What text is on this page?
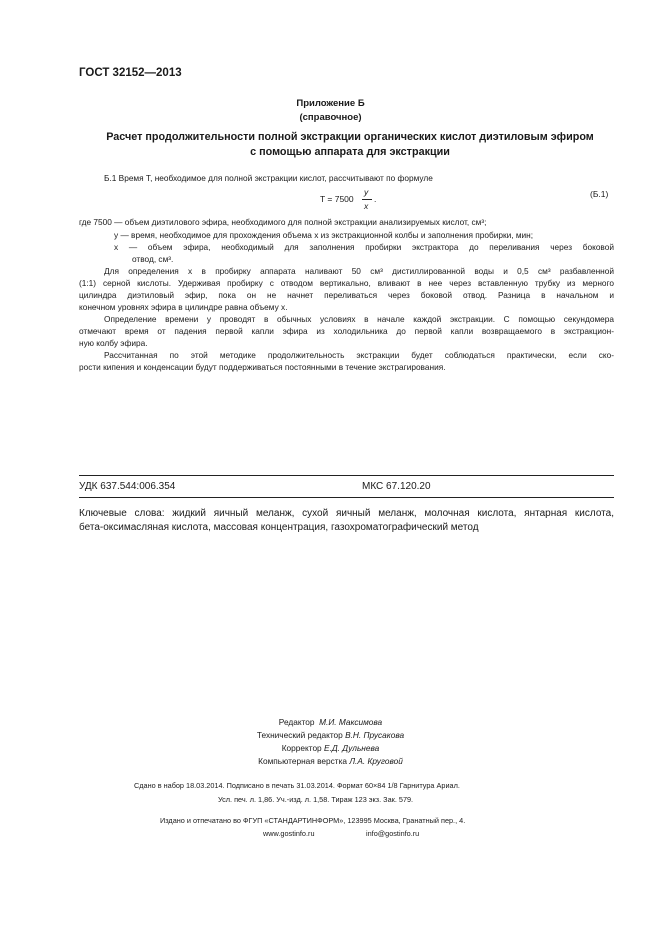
ГОСТ 32152—2013
Приложение Б
(справочное)
Расчет продолжительности полной экстракции органических кислот диэтиловым эфиром
с помощью аппарата для экстракции
Б.1 Время T, необходимое для полной экстракции кислот, рассчитывают по формуле
T = 7500
y
x
.	(Б.1)
где 7500 — объем диэтилового эфира, необходимого для полной экстракции анализируемых кислот, см³;
y — время, необходимое для прохождения объема x из экстракционной колбы и заполнения пробирки, мин;
x — объем эфира, необходимый для заполнения пробирки экстрактора до переливания через боковой
отвод, см³.
Для определения x в пробирку аппарата наливают 50 см³ дистиллированной воды и 0,5 см³ разбавленной
(1:1) серной кислоты. Удерживая пробирку с отводом вертикально, вливают в нее через вставленную трубку из мерного
цилиндра диэтиловый эфир, пока он не начнет переливаться через боковой отвод. Разница в начальном и
конечном уровнях эфира в цилиндре равна объему x.
Определение времени y проводят в обычных условиях в начале каждой экстракции. С помощью секундомера
отмечают время от падения первой капли эфира из холодильника до первой капли возвращаемого в экстракцион-
ную колбу эфира.
Рассчитанная по этой методике продолжительность экстракции будет соблюдаться практически, если ско-
рости кипения и конденсации будут поддерживаться постоянными в течение экстрагирования.
УДК 637.544:006.354	МКС 67.120.20
Ключевые слова: жидкий яичный меланж, сухой яичный меланж, молочная кислота, янтарная кислота,
бета-оксимасляная кислота, массовая концентрация, газохроматографический метод
Редактор М.И. Максимова
Технический редактор В.Н. Прусакова
Корректор Е.Д. Дульнева
Компьютерная верстка Л.А. Круговой
Сдано в набор 18.03.2014. Подписано в печать 31.03.2014. Формат 60×84 1/8 Гарнитура Ариал.
Усл. печ. л. 1,86. Уч.-изд. л. 1,58. Тираж 123 экз. Зак. 579.
Издано и отпечатано во ФГУП «СТАНДАРТИНФОРМ», 123995 Москва, Гранатный пер., 4.
www.gostinfo.ru	info@gostinfo.ru
